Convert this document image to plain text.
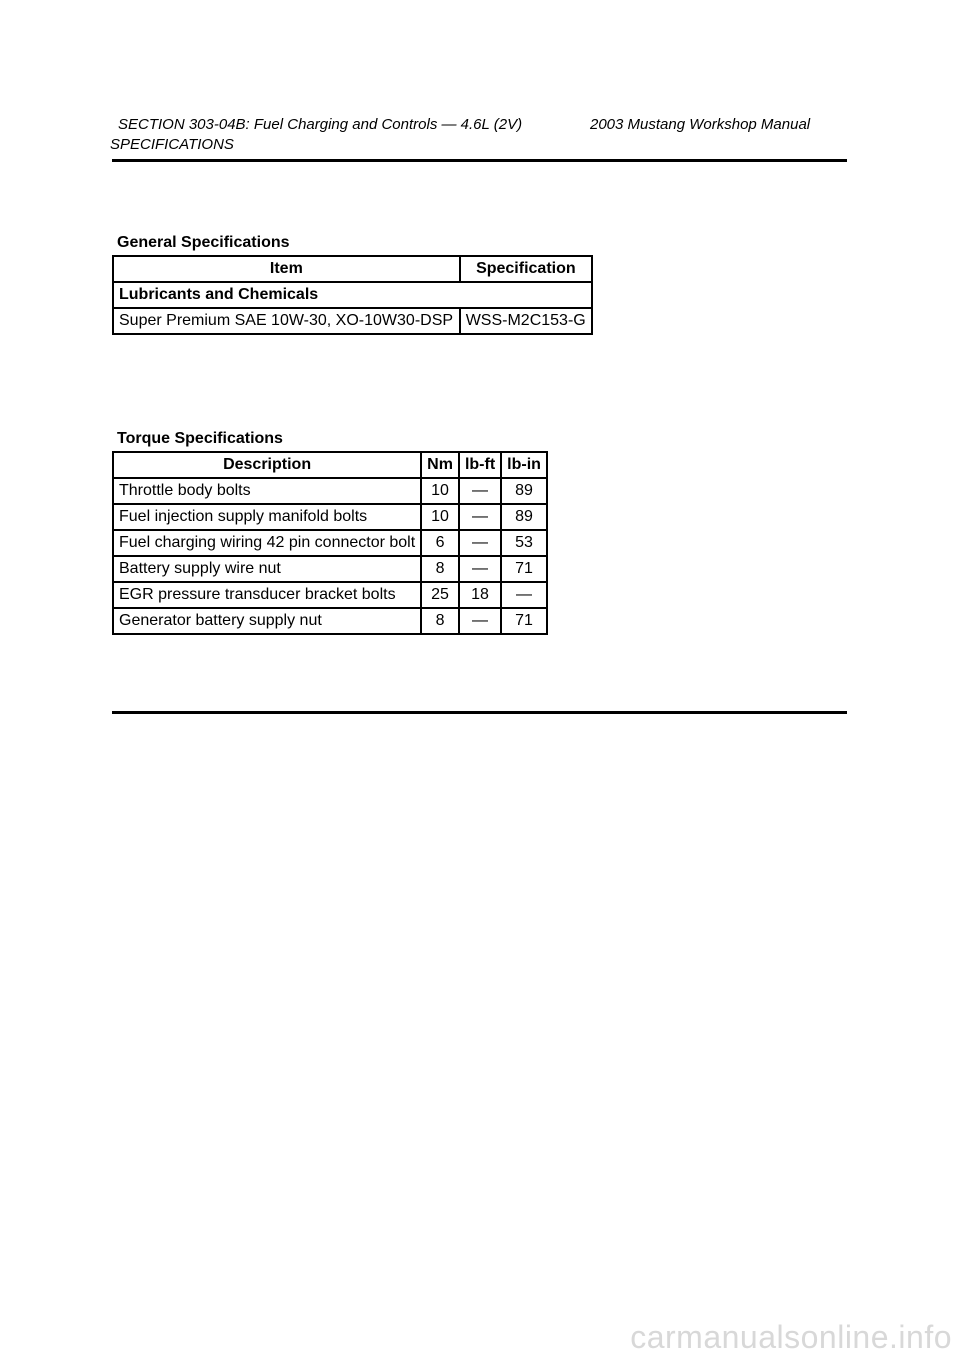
SECTION 303-04B: Fuel Charging and Controls — 4.6L (2V)	2003 Mustang Workshop Manual
SPECIFICATIONS
General Specifications
Item	Specification
Lubricants and Chemicals	
Super Premium SAE 10W-30, XO-10W30-DSP	WSS-M2C153-G
Torque Specifications
Description	Nm	lb-ft	lb-in
Throttle body bolts	10	—	89
Fuel injection supply manifold bolts	10	—	89
Fuel charging wiring 42 pin connector bolt	6	—	53
Battery supply wire nut	8	—	71
EGR pressure transducer bracket bolts	25	18	—
Generator battery supply nut	8	—	71
carmanualsonline.info
